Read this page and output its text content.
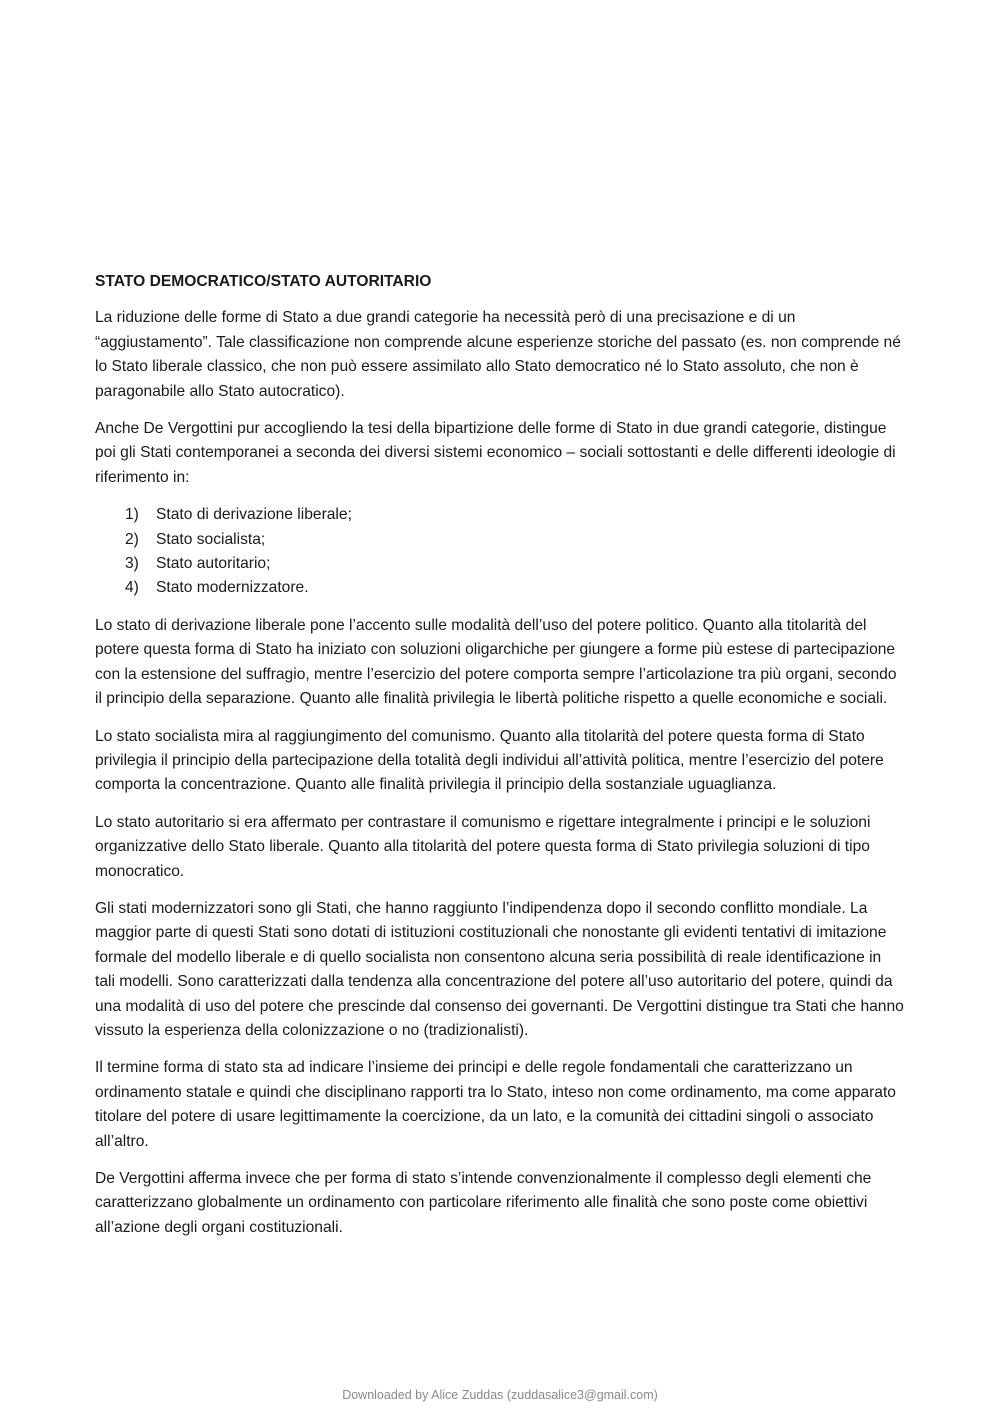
STATO DEMOCRATICO/STATO AUTORITARIO

La riduzione delle forme di Stato a due grandi categorie ha necessità però di una precisazione e di un “aggiustamento”. Tale classificazione non comprende alcune esperienze storiche del passato (es. non comprende né lo Stato liberale classico, che non può essere assimilato allo Stato democratico né lo Stato assoluto, che non è paragonabile allo Stato autocratico).

Anche De Vergottini pur accogliendo la tesi della bipartizione delle forme di Stato in due grandi categorie, distingue poi gli Stati contemporanei a seconda dei diversi sistemi economico – sociali sottostanti e delle differenti ideologie di riferimento in:

1) Stato di derivazione liberale;
2) Stato socialista;
3) Stato autoritario;
4) Stato modernizzatore.

Lo stato di derivazione liberale pone l’accento sulle modalità dell’uso del potere politico. Quanto alla titolarità del potere questa forma di Stato ha iniziato con soluzioni oligarchiche per giungere a forme più estese di partecipazione con la estensione del suffragio, mentre l’esercizio del potere comporta sempre l’articolazione tra più organi, secondo il principio della separazione. Quanto alle finalità privilegia le libertà politiche rispetto a quelle economiche e sociali.

Lo stato socialista mira al raggiungimento del comunismo. Quanto alla titolarità del potere questa forma di Stato privilegia il principio della partecipazione della totalità degli individui all’attività politica, mentre l’esercizio del potere comporta la concentrazione. Quanto alle finalità privilegia il principio della sostanziale uguaglianza.

Lo stato autoritario si era affermato per contrastare il comunismo e rigettare integralmente i principi e le soluzioni organizzative dello Stato liberale. Quanto alla titolarità del potere questa forma di Stato privilegia soluzioni di tipo monocratico.

Gli stati modernizzatori sono gli Stati, che hanno raggiunto l’indipendenza dopo il secondo conflitto mondiale. La maggior parte di questi Stati sono dotati di istituzioni costituzionali che nonostante gli evidenti tentativi di imitazione formale del modello liberale e di quello socialista non consentono alcuna seria possibilità di reale identificazione in tali modelli. Sono caratterizzati dalla tendenza alla concentrazione del potere all’uso autoritario del potere, quindi da una modalità di uso del potere che prescinde dal consenso dei governanti. De Vergottini distingue tra Stati che hanno vissuto la esperienza della colonizzazione o no (tradizionalisti).

Il termine forma di stato sta ad indicare l’insieme dei principi e delle regole fondamentali che caratterizzano un ordinamento statale e quindi che disciplinano rapporti tra lo Stato, inteso non come ordinamento, ma come apparato titolare del potere di usare legittimamente la coercizione, da un lato, e la comunità dei cittadini singoli o associato all’altro.

De Vergottini afferma invece che per forma di stato s’intende convenzionalmente il complesso degli elementi che caratterizzano globalmente un ordinamento con particolare riferimento alle finalità che sono poste come obiettivi all’azione degli organi costituzionali.

Downloaded by Alice Zuddas (zuddasalice3@gmail.com)
